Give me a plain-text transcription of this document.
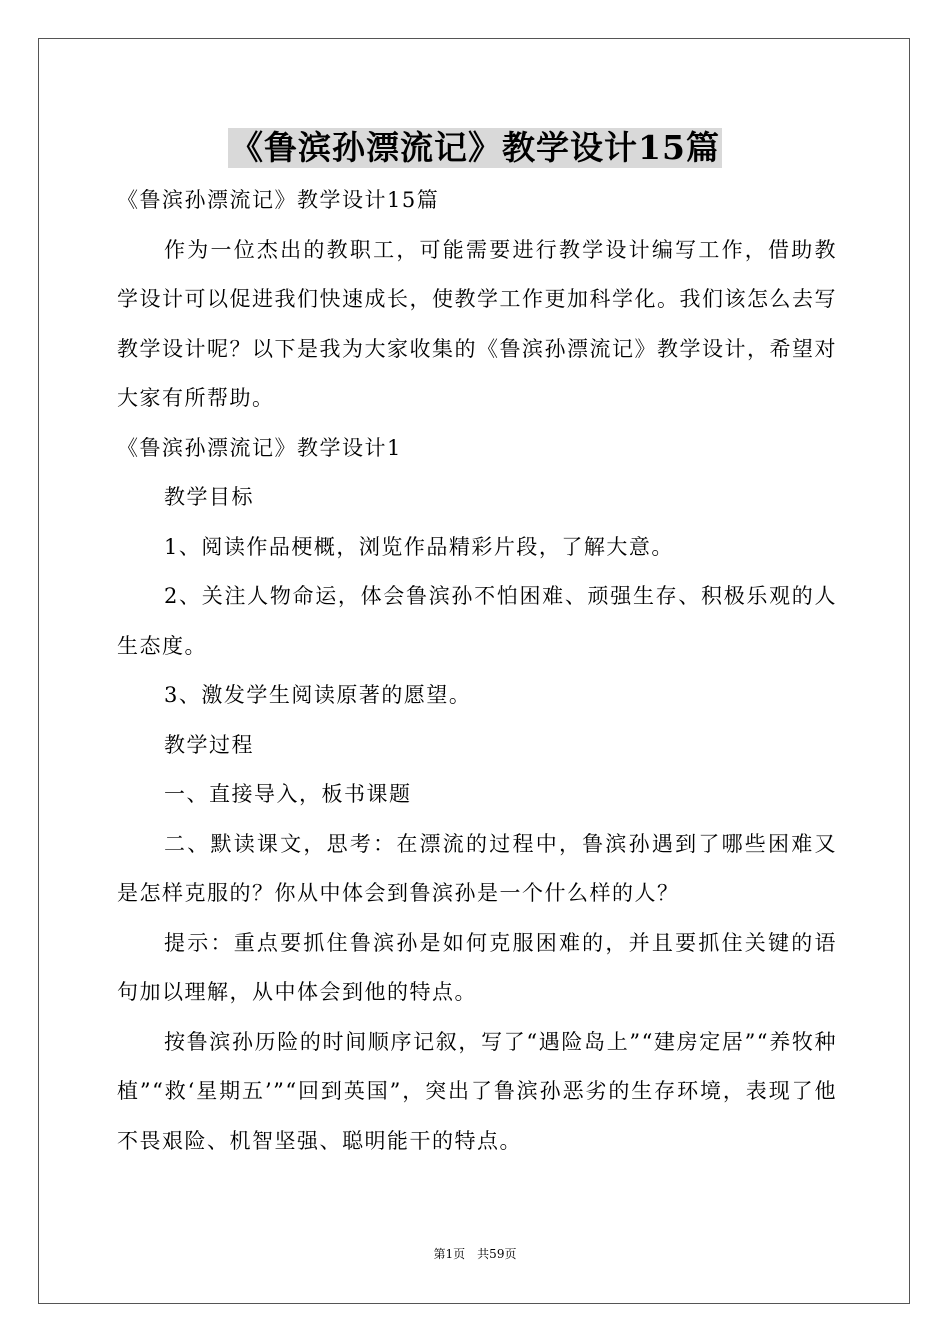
《鲁滨孙漂流记》教学设计15篇

《鲁滨孙漂流记》教学设计15篇

作为一位杰出的教职工，可能需要进行教学设计编写工作，借助教学设计可以促进我们快速成长，使教学工作更加科学化。我们该怎么去写教学设计呢？以下是我为大家收集的《鲁滨孙漂流记》教学设计，希望对大家有所帮助。

《鲁滨孙漂流记》教学设计1

教学目标

1、阅读作品梗概，浏览作品精彩片段，了解大意。

2、关注人物命运，体会鲁滨孙不怕困难、顽强生存、积极乐观的人生态度。

3、激发学生阅读原著的愿望。

教学过程

一、直接导入，板书课题

二、默读课文，思考：在漂流的过程中，鲁滨孙遇到了哪些困难又是怎样克服的？你从中体会到鲁滨孙是一个什么样的人？

提示：重点要抓住鲁滨孙是如何克服困难的，并且要抓住关键的语句加以理解，从中体会到他的特点。

按鲁滨孙历险的时间顺序记叙，写了“遇险岛上”“建房定居”“养牧种植”“救‘星期五’”“回到英国”，突出了鲁滨孙恶劣的生存环境，表现了他不畏艰险、机智坚强、聪明能干的特点。

第1页　共59页
